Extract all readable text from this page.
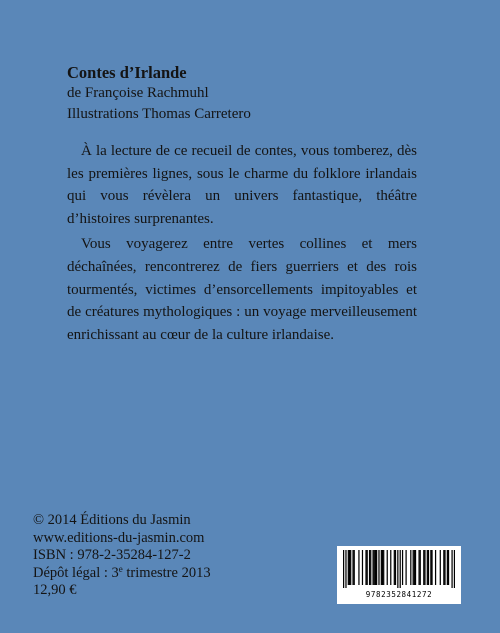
Contes d’Irlande
de Françoise Rachmuhl
Illustrations Thomas Carretero

À la lecture de ce recueil de contes, vous tomberez, dès les premières lignes, sous le charme du folklore irlandais qui vous révèlera un univers fantastique, théâtre d’histoires surprenantes.

Vous voyagerez entre vertes collines et mers déchaînées, rencontrerez de fiers guerriers et des rois tourmentés, victimes d’ensorcellements impitoyables et de créatures mythologiques : un voyage merveilleusement enrichissant au cœur de la culture irlandaise.

© 2014 Éditions du Jasmin
www.editions-du-jasmin.com
ISBN : 978-2-35284-127-2
Dépôt légal : 3e trimestre 2013
12,90 €	9782352841272
